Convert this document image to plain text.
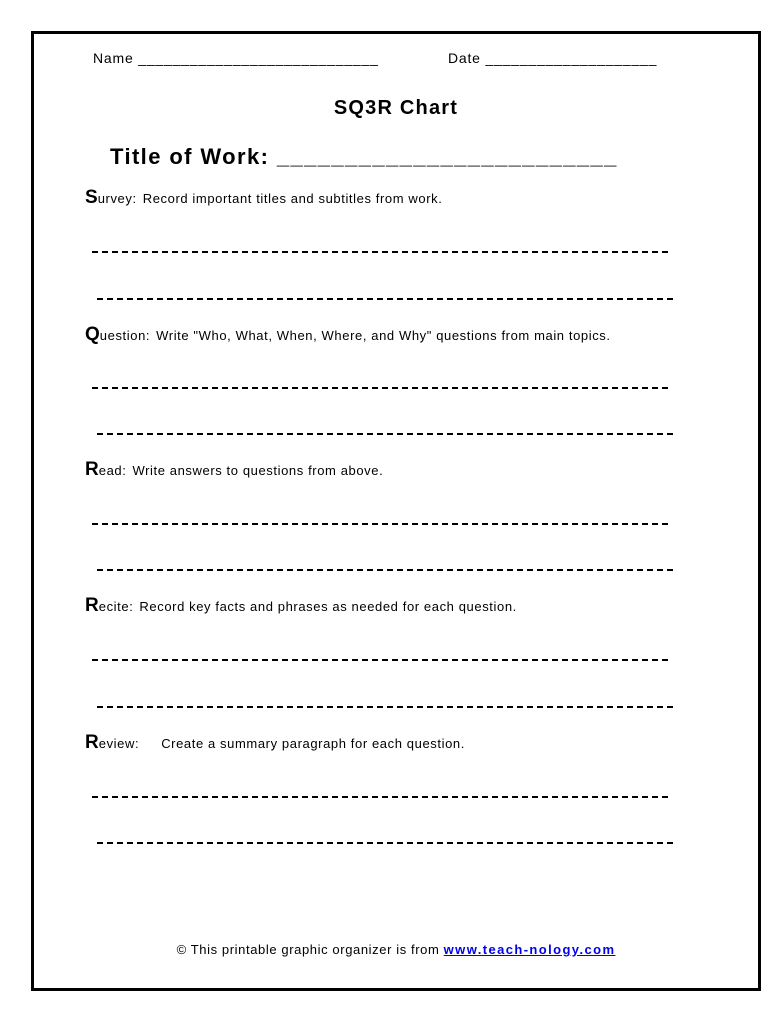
Name ____________________________	Date ____________________
SQ3R Chart
Title of Work: _________________________
Survey: Record important titles and subtitles from work.
Question: Write "Who, What, When, Where, and Why" questions from main topics.
Read: Write answers to questions from above.
Recite: Record key facts and phrases as needed for each question.
Review: Create a summary paragraph for each question.
© This printable graphic organizer is from www.teach-nology.com
